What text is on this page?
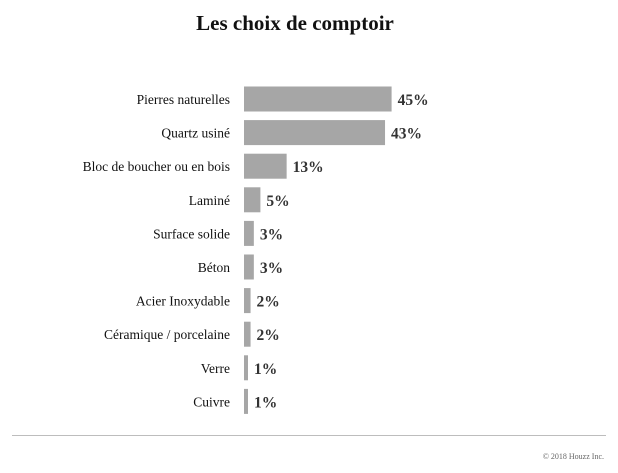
Les choix de comptoir
Pierres naturelles	45%
Quartz usiné	43%
Bloc de boucher ou en bois	13%
Laminé 5%
Surface solide 3%
Béton 3%
Acier Inoxydable 2%
Céramique / porcelaine 2%
Verre 1%
Cuivre 1%
© 2018 Houzz Inc.
